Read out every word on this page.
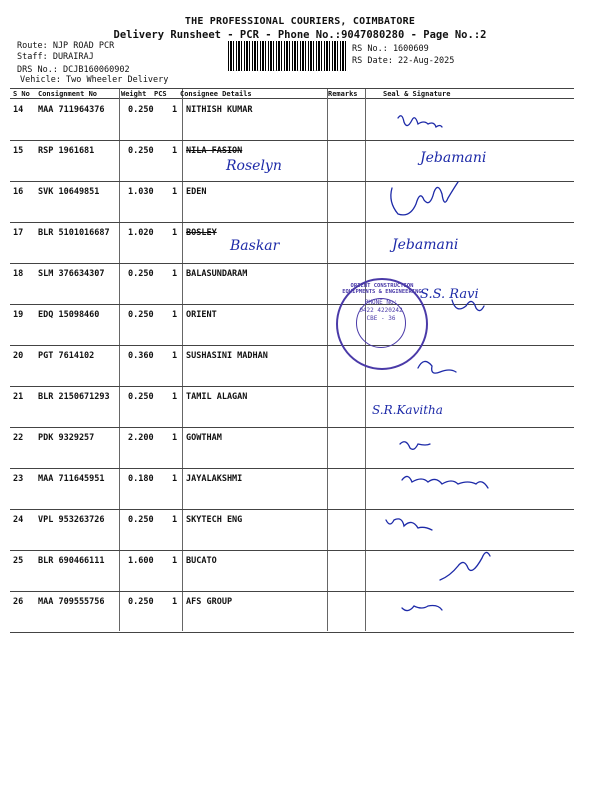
THE PROFESSIONAL COURIERS, COIMBATORE
Delivery Runsheet - PCR - Phone No.:9047080280 - Page No.:2
Route: NJP ROAD PCR
Staff: DURAIRAJ
DRS No.: DCJB160060902
Vehicle: Two Wheeler Delivery
RS No.: 1600609
RS Date: 22-Aug-2025
S No Consignment No	Weight PCS Consignee Details	Remarks	Seal & Signature
14 MAA 711964376	0.250 1 NITHISH KUMAR
15 RSP 1961681	0.250 1 NILA FASION
16 SVK 10649851	1.030 1 EDEN
17 BLR 5101016687 1.020 1 BOSLEY
18 SLM 376634307	0.250 1 BALASUNDARAM
19 EDQ 15098460	0.250 1 ORIENT
20 PGT 7614102	0.360 1 SUSHASINI MADHAN
21 BLR 2150671293 0.250 1 TAMIL ALAGAN
22 PDK 9329257	2.200 1 GOWTHAM
23 MAA 711645951	0.180 1 JAYALAKSHMI
24 VPL 953263726	0.250 1 SKYTECH ENG
25 BLR 690466111	1.600 1 BUCATO
26 MAA 709555756	0.250 1 AFS GROUP
Roselyn	Jebamani
Baskar	Jebamani
S.S. Ravi
S.R.Kavitha
ORIENT CONSTRUCTION EQUIPMENTS & ENGINEERING
PHONE No:
0422 4220242
CBE - 36
